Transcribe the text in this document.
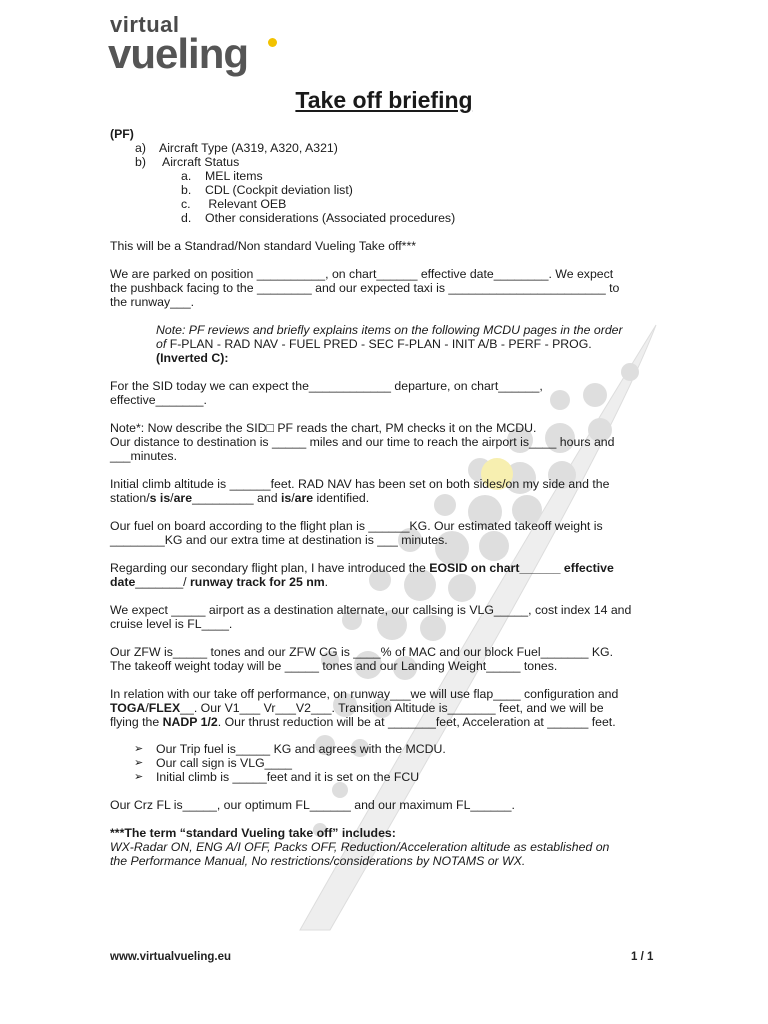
virtual
vueling
Take off briefing
(PF)
a) Aircraft Type (A319, A320, A321)
b) Aircraft Status
a. MEL items
b. CDL (Cockpit deviation list)
c. Relevant OEB
d. Other considerations (Associated procedures)
This will be a Standrad/Non standard Vueling Take off***
We are parked on position __________, on chart______ effective date________. We expect
the pushback facing to the ________ and our expected taxi is _______________________ to
the runway___.
Note: PF reviews and briefly explains items on the following MCDU pages in the order
of F-PLAN - RAD NAV - FUEL PRED - SEC F-PLAN - INIT A/B - PERF - PROG.
(Inverted C):
For the SID today we can expect the____________ departure, on chart______,
effective_______.
Note*: Now describe the SID□ PF reads the chart, PM checks it on the MCDU.
Our distance to destination is _____ miles and our time to reach the airport is____ hours and
___minutes.
Initial climb altitude is ______feet. RAD NAV has been set on both sides/on my side and the
station/s is/are_________ and is/are identified.
Our fuel on board according to the flight plan is ______KG. Our estimated takeoff weight is
________KG and our extra time at destination is ___ minutes.
Regarding our secondary flight plan, I have introduced the EOSID on chart______ effective
date_______/ runway track for 25 nm.
We expect _____ airport as a destination alternate, our callsing is VLG_____, cost index 14 and
cruise level is FL____.
Our ZFW is_____ tones and our ZFW CG is ____% of MAC and our block Fuel_______ KG.
The takeoff weight today will be _____ tones and our Landing Weight_____ tones.
In relation with our take off performance, on runway___we will use flap____ configuration and
TOGA/FLEX__. Our V1___ Vr___V2___. Transition Altitude is_______ feet, and we will be
flying the NADP 1/2. Our thrust reduction will be at _______feet, Acceleration at ______ feet.
➢ Our Trip fuel is_____ KG and agrees with the MCDU.
➢ Our call sign is VLG____
➢ Initial climb is _____feet and it is set on the FCU
Our Crz FL is_____, our optimum FL______ and our maximum FL______.
***The term “standard Vueling take off” includes:
WX-Radar ON, ENG A/I OFF, Packs OFF, Reduction/Acceleration altitude as established on
the Performance Manual, No restrictions/considerations by NOTAMS or WX.
www.virtualvueling.eu	1 / 1
